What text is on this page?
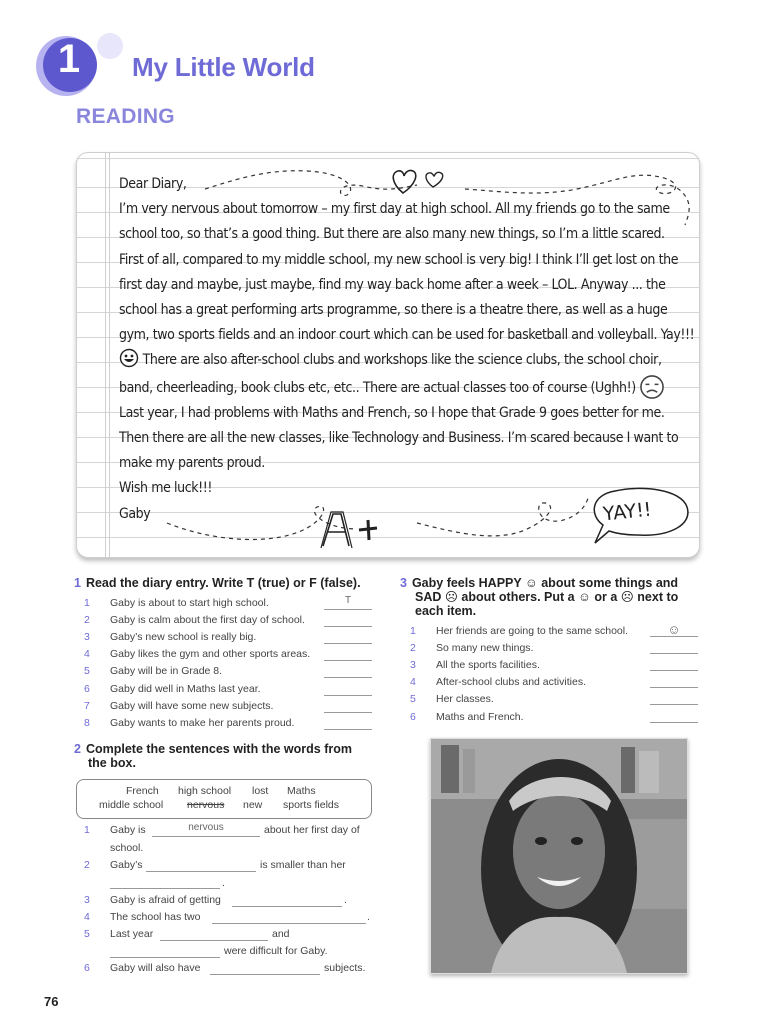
1 My Little World
READING
YAY!!

Dear Diary,

I’m very nervous about tomorrow – my first day at high school. All my friends go to the same

school too, so that’s a good thing. But there are also many new things, so I’m a little scared.

First of all, compared to my middle school, my new school is very big! I think I’ll get lost on the

first day and maybe, just maybe, find my way back home after a week – LOL. Anyway ... the

school has a great performing arts programme, so there is a theatre there, as well as a huge

gym, two sports fields and an indoor court which can be used for basketball and volleyball. Yay!!!

There are also after-school clubs and workshops like the science clubs, the school choir,

band, cheerleading, book clubs etc, etc.. There are actual classes too of course (Ughh!)

Last year, I had problems with Maths and French, so I hope that Grade 9 goes better for me.

Then there are all the new classes, like Technology and Business. I’m scared because I want to

make my parents proud.

Wish me luck!!!

Gaby

1 Read the diary entry. Write T (true) or F (false).
1 Gaby is about to start high school.	T
2 Gaby is calm about the first day of school.
3 Gaby’s new school is really big.
4 Gaby likes the gym and other sports areas.
5 Gaby will be in Grade 8.
6 Gaby did well in Maths last year.
7 Gaby will have some new subjects.
8 Gaby wants to make her parents proud.
2 Complete the sentences with the words from
the box.
French high school lost Maths
middle school nervous new sports fields
1 Gaby is	nervous	about her first day of
school.
2 Gaby’s	is smaller than her
.
3 Gaby is afraid of getting	.
4 The school has two	.
5 Last year	and
were difficult for Gaby.
6 Gaby will also have	subjects.
3 Gaby feels HAPPY ☺ about some things and
SAD ☹ about others. Put a ☺ or a ☹ next to
each item.
1 Her friends are going to the same school.	☺
2 So many new things.
3 All the sports facilities.
4 After-school clubs and activities.
5 Her classes.
6 Maths and French.
76
